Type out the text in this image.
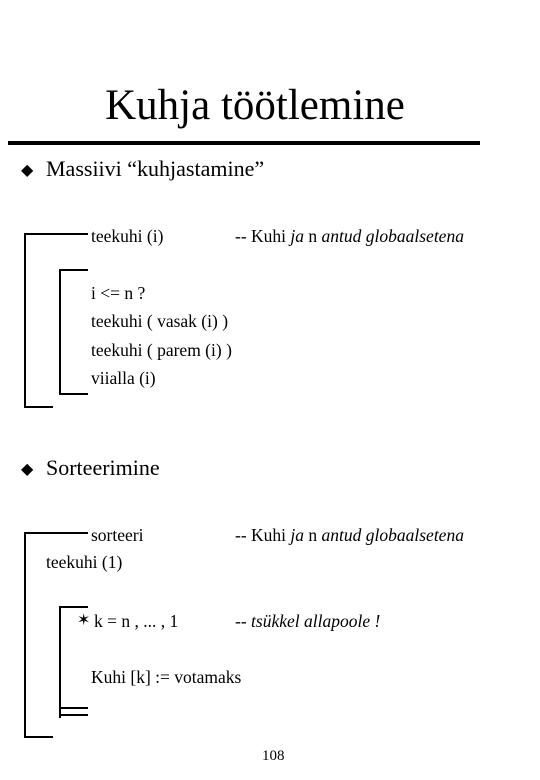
Kuhja töötlemine
◆ Massiivi “kuhjastamine”
teekuhi (i)	-- Kuhi ja n antud globaalsetena
i <= n ?
teekuhi ( vasak (i) )
teekuhi ( parem (i) )
viialla (i)
◆ Sorteerimine
sorteeri	-- Kuhi ja n antud globaalsetena
teekuhi (1)
✶ k = n , ... , 1	-- tsükkel allapoole !
Kuhi [k] := votamaks
108
